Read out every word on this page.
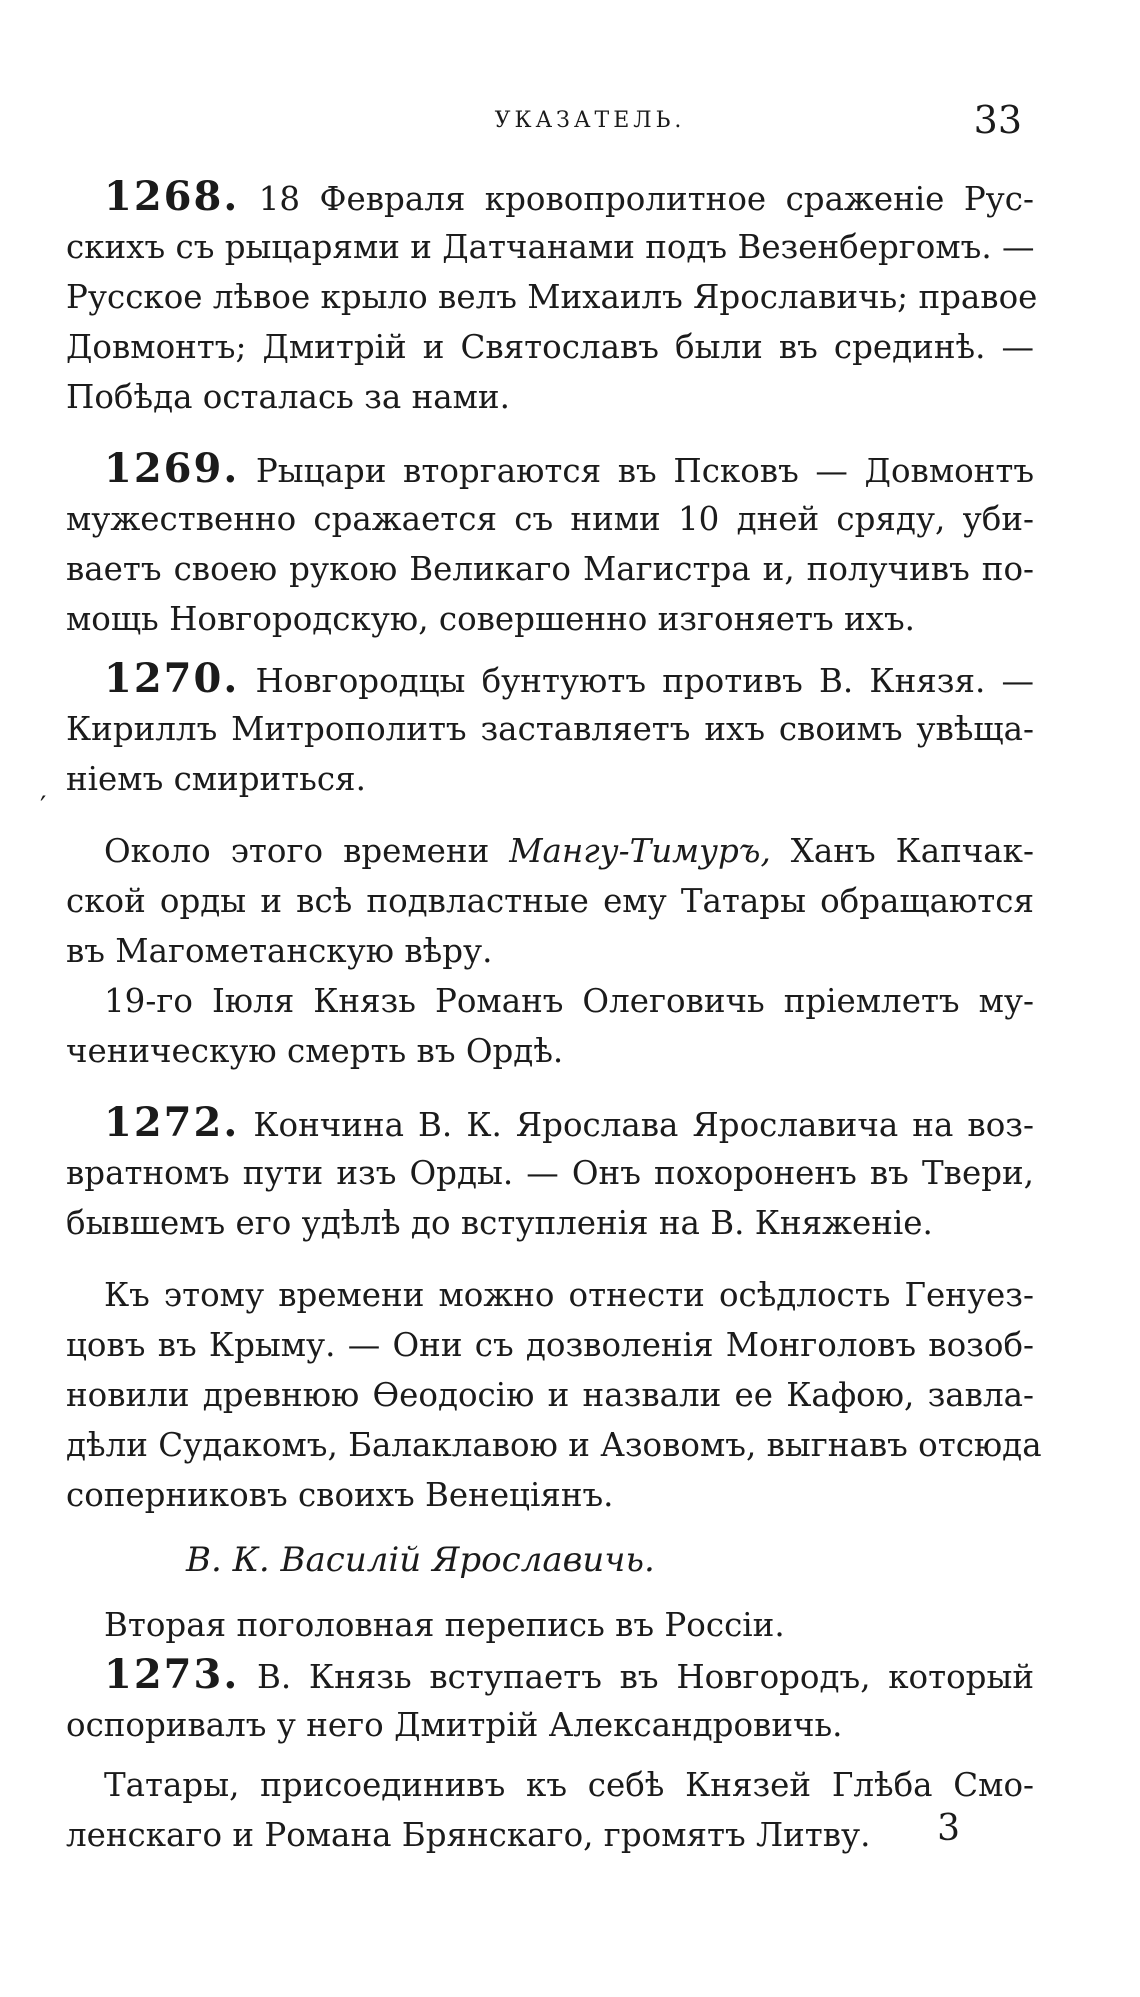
УКАЗАТЕЛЬ.	33
′
1268. 18 Февраля кровопролитное сраженіе Рус-
скихъ съ рыцарями и Датчанами подъ Везенбергомъ. —
Русское лѣвое крыло велъ Михаилъ Ярославичь; правое
Довмонтъ; Дмитрій и Святославъ были въ срединѣ. —
Побѣда осталась за нами.
1269. Рыцари вторгаются въ Псковъ — Довмонтъ
мужественно сражается съ ними 10 дней сряду, уби-
ваетъ своею рукою Великаго Магистра и, получивъ по-
мощь Новгородскую, совершенно изгоняетъ ихъ.
1270. Новгородцы бунтуютъ противъ В. Князя. —
Кириллъ Митрополитъ заставляетъ ихъ своимъ увѣща-
ніемъ смириться.
Около этого времени Мангу-Тимуръ, Ханъ Капчак-
ской орды и всѣ подвластные ему Татары обращаются
въ Магометанскую вѣру.
19-го Іюля Князь Романъ Олеговичь пріемлетъ му-
ченическую смерть въ Ордѣ.
1272. Кончина В. К. Ярослава Ярославича на воз-
вратномъ пути изъ Орды. — Онъ похороненъ въ Твери,
бывшемъ его удѣлѣ до вступленія на В. Княженіе.
Къ этому времени можно отнести осѣдлость Генуез-
цовъ въ Крыму. — Они съ дозволенія Монголовъ возоб-
новили древнюю Ѳеодосію и назвали ее Кафою, завла-
дѣли Судакомъ, Балаклавою и Азовомъ, выгнавъ отсюда
соперниковъ своихъ Венеціянъ.
В. К. Василій Ярославичь.
Вторая поголовная перепись въ Россіи.
1273. В. Князь вступаетъ въ Новгородъ, который
оспоривалъ у него Дмитрій Александровичь.
Татары, присоединивъ къ себѣ Князей Глѣба Смо-
ленскаго и Романа Брянскаго, громятъ Литву.	3
